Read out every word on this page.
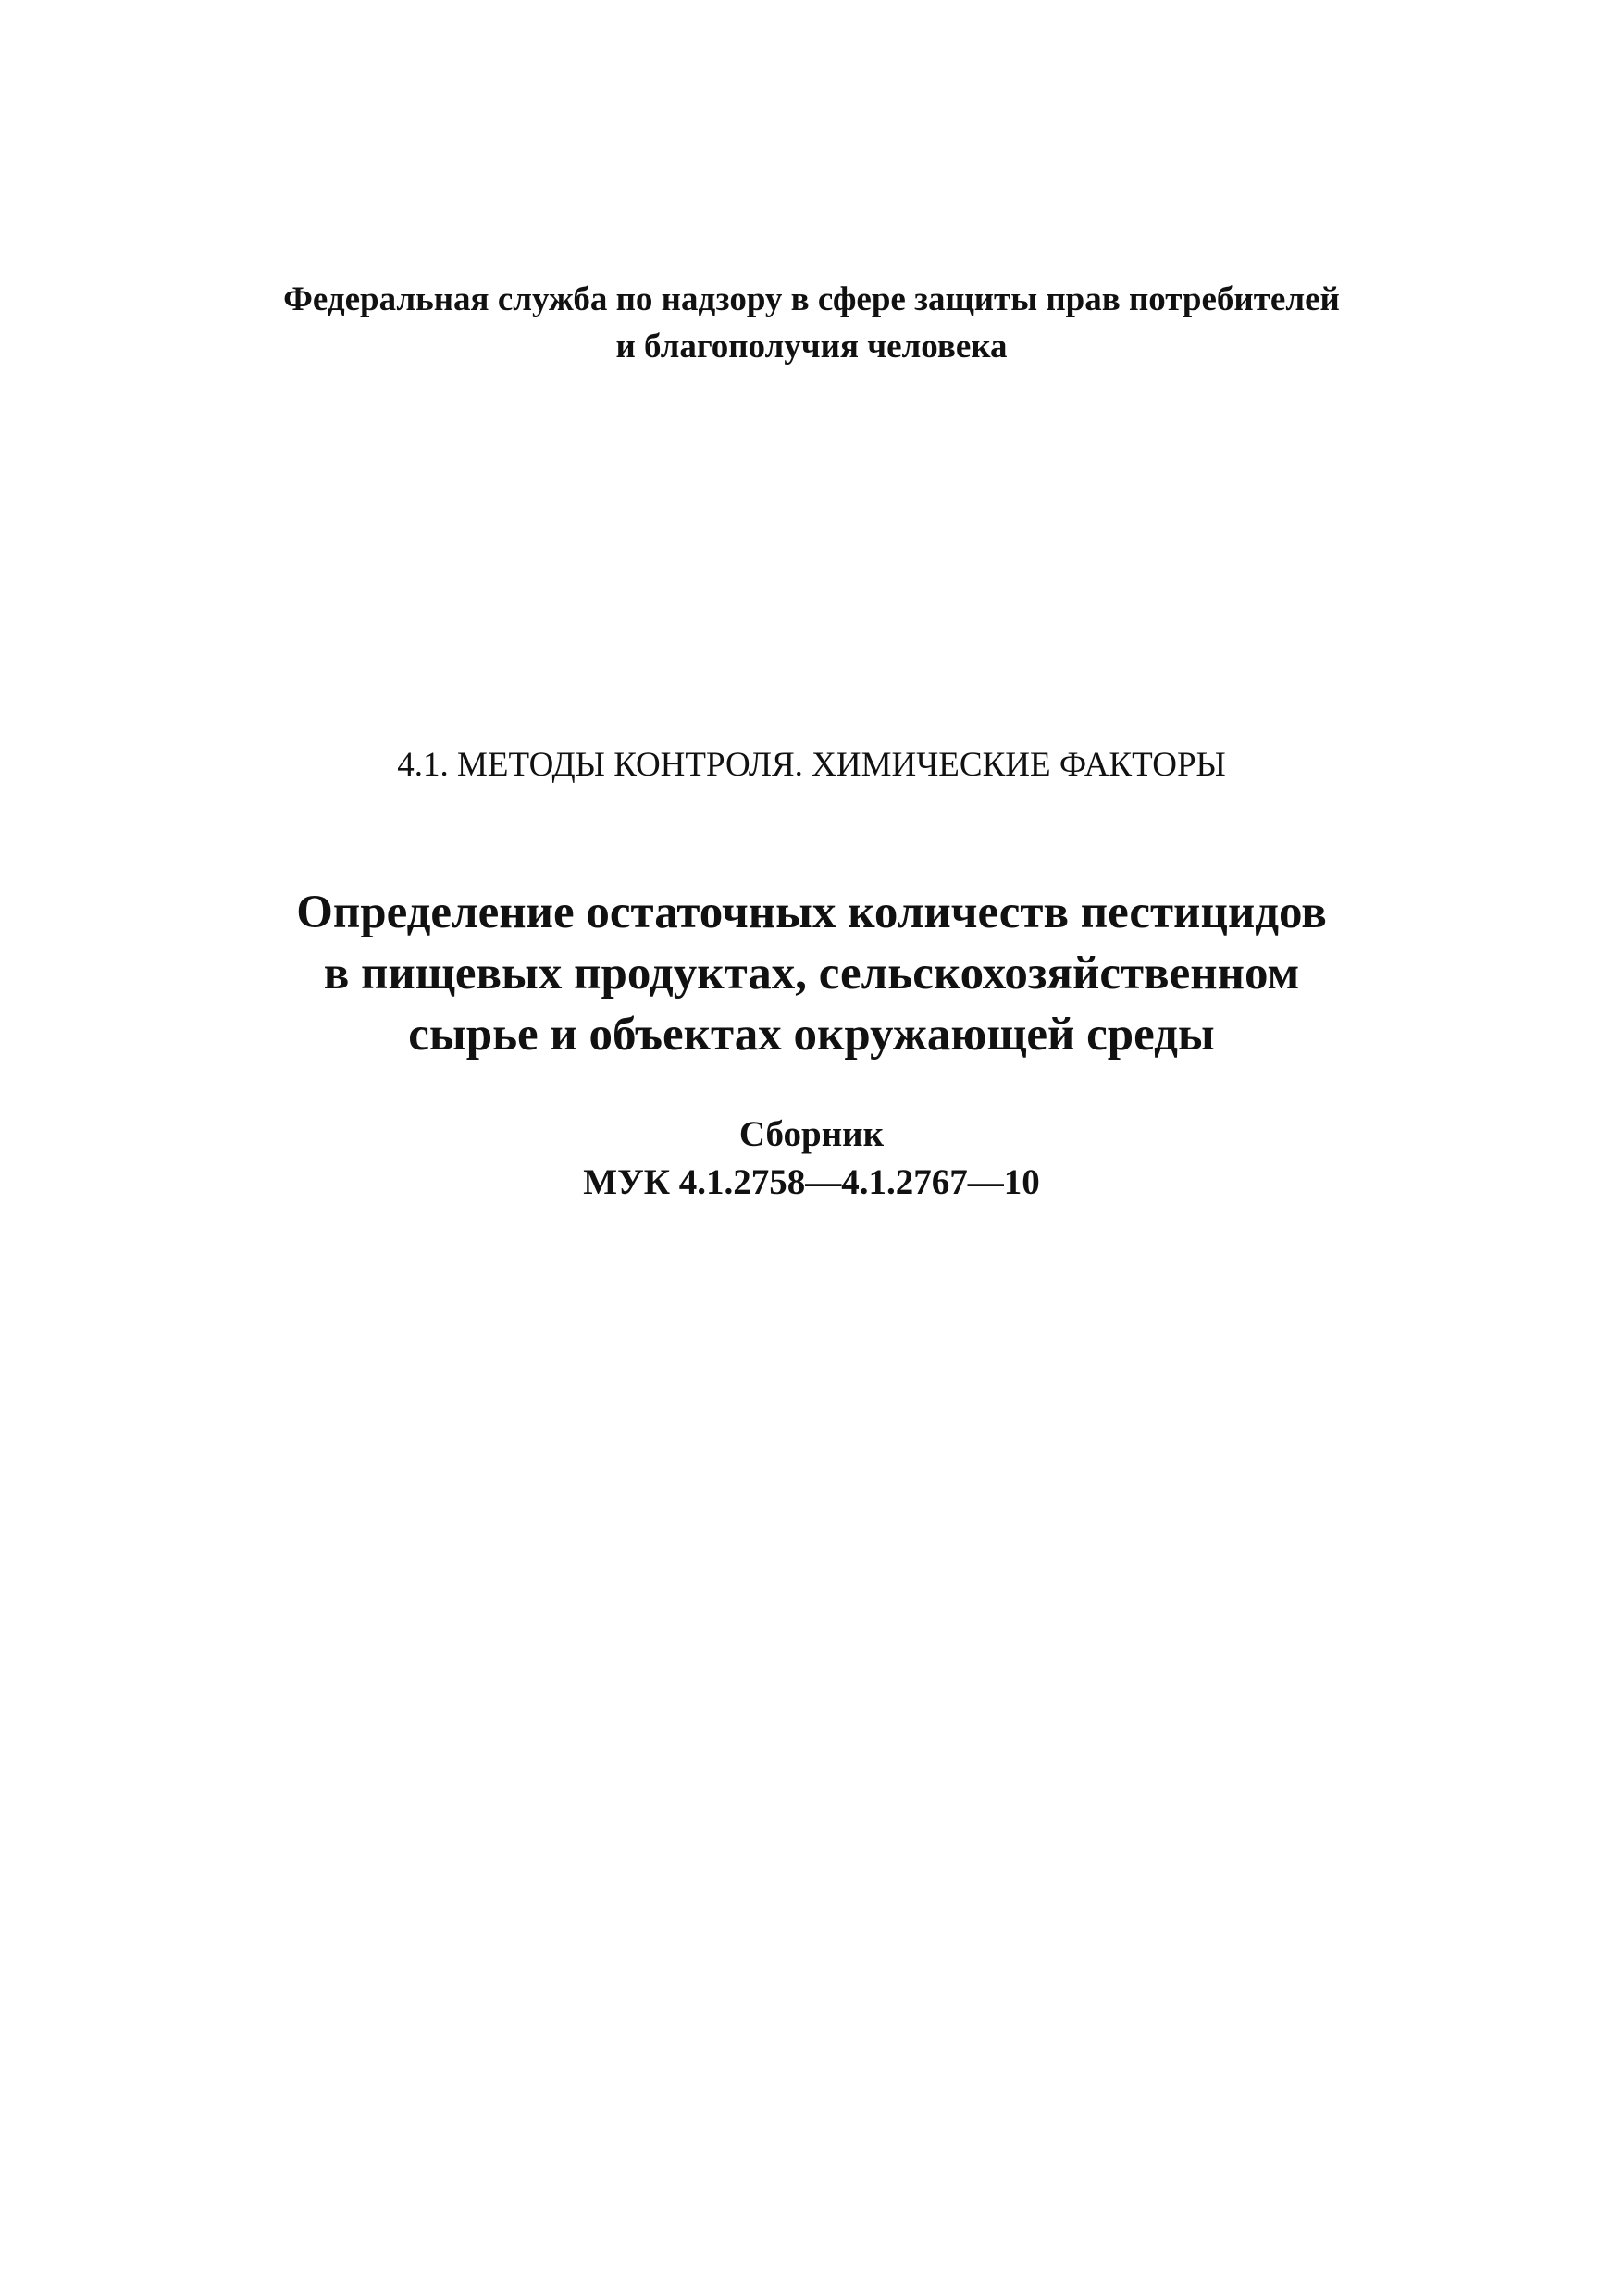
Федеральная служба по надзору в сфере защиты прав потребителей
и благополучия человека
4.1. МЕТОДЫ КОНТРОЛЯ. ХИМИЧЕСКИЕ ФАКТОРЫ
Определение остаточных количеств пестицидов
в пищевых продуктах, сельскохозяйственном
сырье и объектах окружающей среды
Сборник
МУК 4.1.2758—4.1.2767—10
